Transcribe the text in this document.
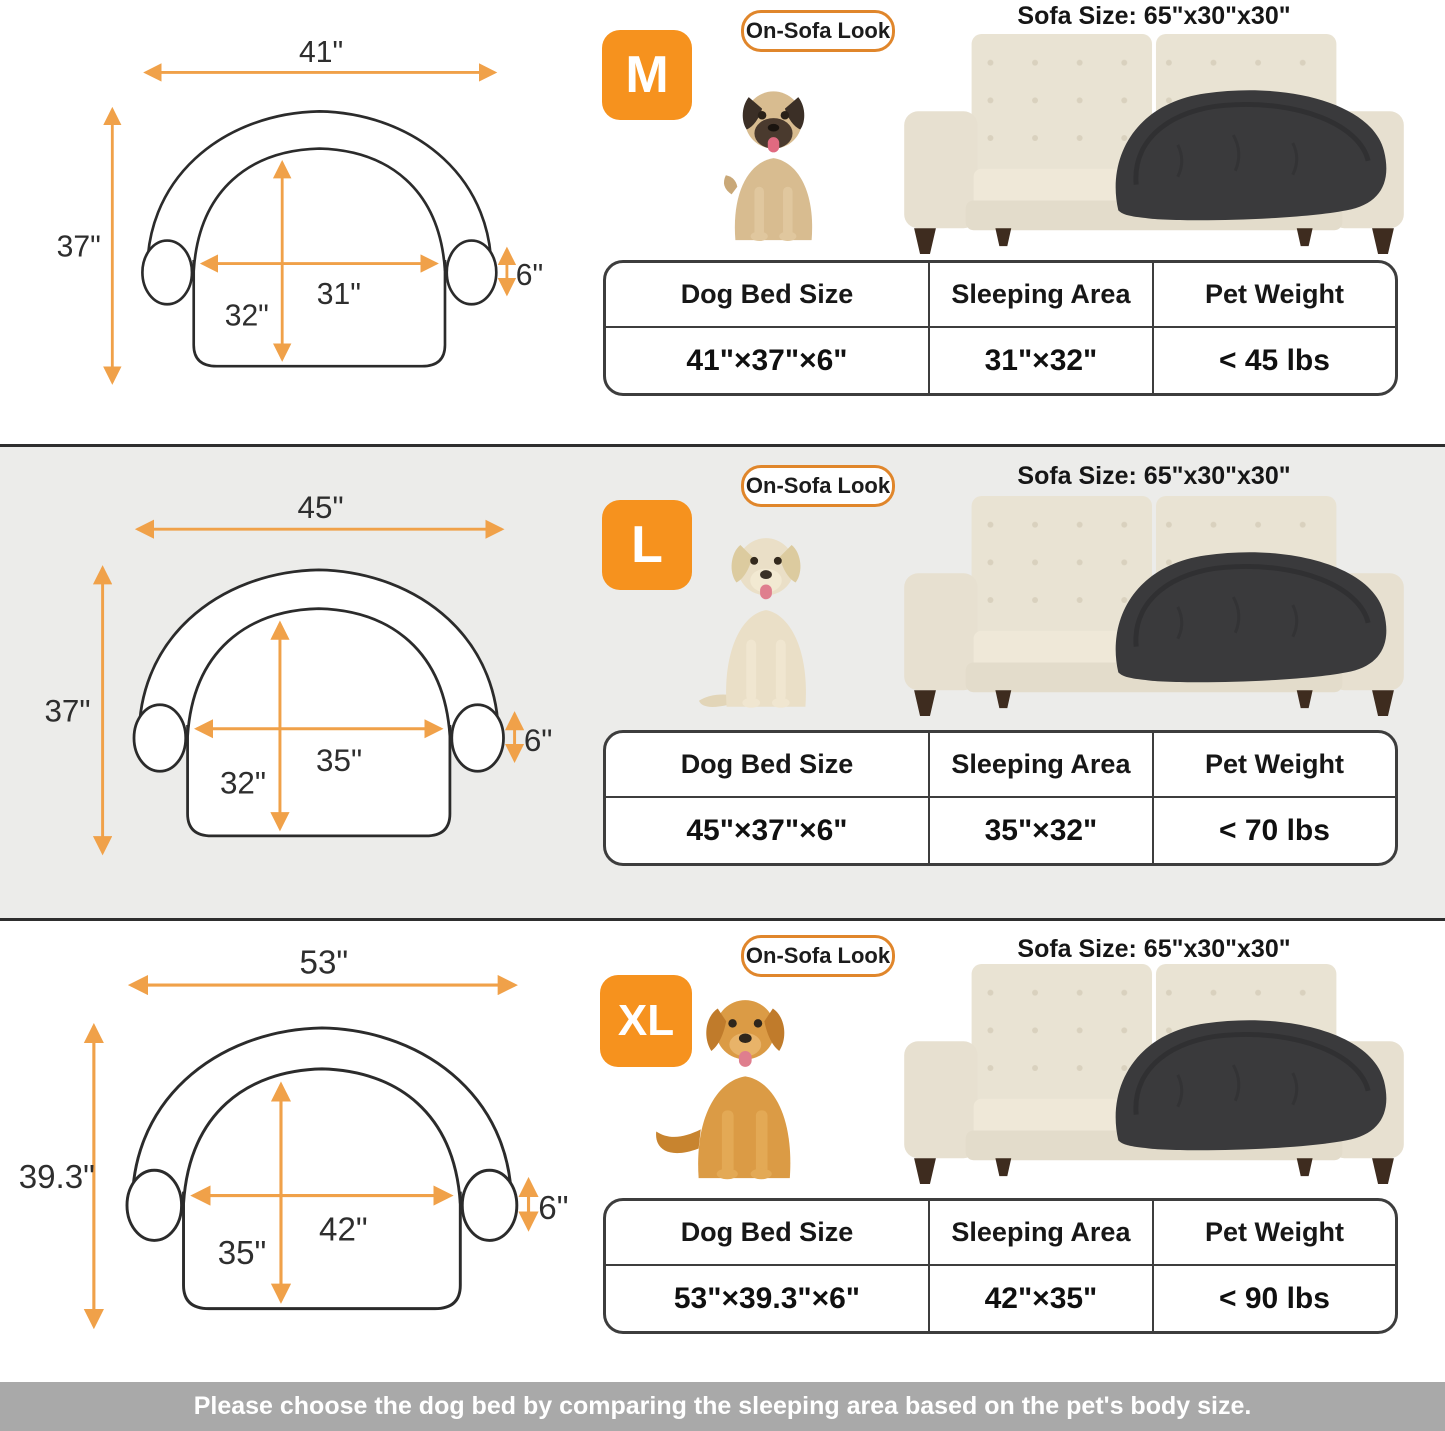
41"
37"
31"
32"
6"
M
On-Sofa Look
Sofa Size: 65"x30"x30"
Dog Bed Size	Sleeping Area	Pet Weight
41"×37"×6"	31"×32"	< 45 lbs
45"
37"
35"
32"
6"
L
On-Sofa Look	Sofa Size: 65"x30"x30"
Dog Bed Size	Sleeping Area	Pet Weight
45"×37"×6"	35"×32"	< 70 lbs
53"
39.3"
42"
35"
6"
XL
On-Sofa Look	Sofa Size: 65"x30"x30"
Dog Bed Size	Sleeping Area	Pet Weight
53"×39.3"×6"	42"×35"	< 90 lbs
Please choose the dog bed by comparing the sleeping area based on the pet's body size.
